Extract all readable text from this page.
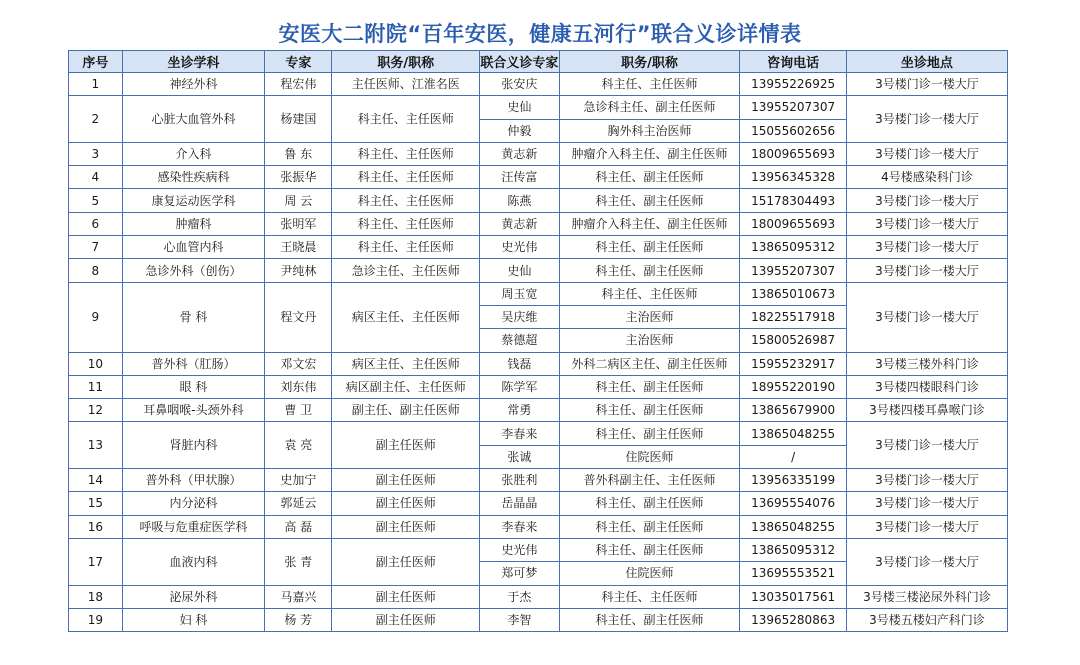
安医大二附院“百年安医，健康五河行”联合义诊详情表
序号	坐诊学科	专家	职务/职称	联合义诊专家	职务/职称	咨询电话	坐诊地点
1	神经外科	程宏伟	主任医师、江淮名医	张安庆	科主任、主任医师	13955226925	3号楼门诊一楼大厅
2	心脏大血管外科	杨建国	科主任、主任医师	史仙	急诊科主任、副主任医师	13955207307	3号楼门诊一楼大厅
				仲毅	胸外科主治医师	15055602656	
3	介入科	鲁 东	科主任、主任医师	黄志新	肿瘤介入科主任、副主任医师	18009655693	3号楼门诊一楼大厅
4	感染性疾病科	张振华	科主任、主任医师	汪传富	科主任、副主任医师	13956345328	4号楼感染科门诊
5	康复运动医学科	周 云	科主任、主任医师	陈燕	科主任、副主任医师	15178304493	3号楼门诊一楼大厅
6	肿瘤科	张明军	科主任、主任医师	黄志新	肿瘤介入科主任、副主任医师	18009655693	3号楼门诊一楼大厅
7	心血管内科	王晓晨	科主任、主任医师	史光伟	科主任、副主任医师	13865095312	3号楼门诊一楼大厅
8	急诊外科（创伤）	尹纯林	急诊主任、主任医师	史仙	科主任、副主任医师	13955207307	3号楼门诊一楼大厅
9	骨 科	程文丹	病区主任、主任医师	周玉宽	科主任、主任医师	13865010673	3号楼门诊一楼大厅
				吴庆维	主治医师	18225517918	
				蔡德超	主治医师	15800526987	
10	普外科（肛肠）	邓文宏	病区主任、主任医师	钱磊	外科二病区主任、副主任医师	15955232917	3号楼三楼外科门诊
11	眼 科	刘东伟	病区副主任、主任医师	陈学军	科主任、副主任医师	18955220190	3号楼四楼眼科门诊
12	耳鼻咽喉-头颈外科	曹 卫	副主任、副主任医师	常勇	科主任、副主任医师	13865679900	3号楼四楼耳鼻喉门诊
13	肾脏内科	袁 亮	副主任医师	李春来	科主任、副主任医师	13865048255	3号楼门诊一楼大厅
				张诚	住院医师	/	
14	普外科（甲状腺）	史加宁	副主任医师	张胜利	普外科副主任、主任医师	13956335199	3号楼门诊一楼大厅
15	内分泌科	郭延云	副主任医师	岳晶晶	科主任、副主任医师	13695554076	3号楼门诊一楼大厅
16	呼吸与危重症医学科	高 磊	副主任医师	李春来	科主任、副主任医师	13865048255	3号楼门诊一楼大厅
17	血液内科	张 青	副主任医师	史光伟	科主任、副主任医师	13865095312	3号楼门诊一楼大厅
				郑可梦	住院医师	13695553521	
18	泌尿外科	马嘉兴	副主任医师	于杰	科主任、主任医师	13035017561	3号楼三楼泌尿外科门诊
19	妇 科	杨 芳	副主任医师	李智	科主任、副主任医师	13965280863	3号楼五楼妇产科门诊
